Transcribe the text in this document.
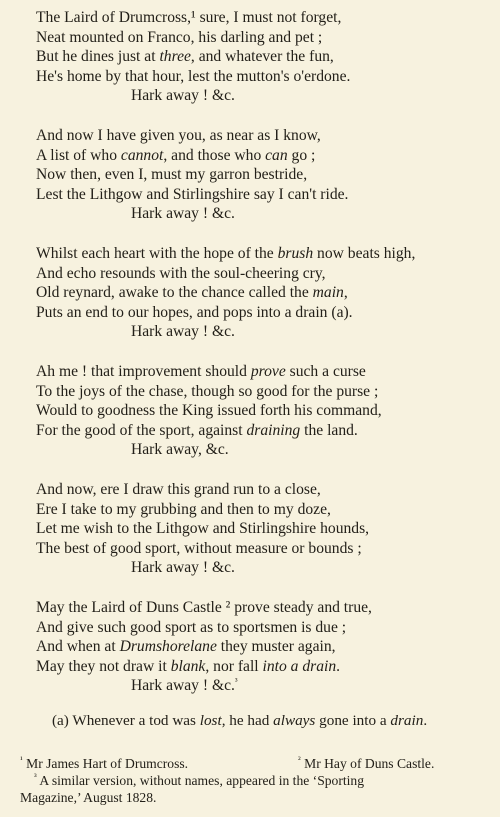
The Laird of Drumcross,¹ sure, I must not forget,
Neat mounted on Franco, his darling and pet ;
But he dines just at three, and whatever the fun,
He's home by that hour, lest the mutton's o'erdone.
Hark away ! &c.
And now I have given you, as near as I know,
A list of who cannot, and those who can go ;
Now then, even I, must my garron bestride,
Lest the Lithgow and Stirlingshire say I can't ride.
Hark away ! &c.
Whilst each heart with the hope of the brush now beats high,
And echo resounds with the soul-cheering cry,
Old reynard, awake to the chance called the main,
Puts an end to our hopes, and pops into a drain (a).
Hark away ! &c.
Ah me ! that improvement should prove such a curse
To the joys of the chase, though so good for the purse ;
Would to goodness the King issued forth his command,
For the good of the sport, against draining the land.
Hark away, &c.
And now, ere I draw this grand run to a close,
Ere I take to my grubbing and then to my doze,
Let me wish to the Lithgow and Stirlingshire hounds,
The best of good sport, without measure or bounds ;
Hark away ! &c.
May the Laird of Duns Castle ² prove steady and true,
And give such good sport as to sportsmen is due ;
And when at Drumshorelane they muster again,
May they not draw it blank, nor fall into a drain.
Hark away ! &c.$^{^3}$
(a) Whenever a tod was lost, he had always gone into a drain.
$^{^1}$ Mr James Hart of Drumcross.	$^{^2}$ Mr Hay of Duns Castle.
$^{^3}$ A similar version, without names, appeared in the ‘Sporting
Magazine,’ August 1828.
